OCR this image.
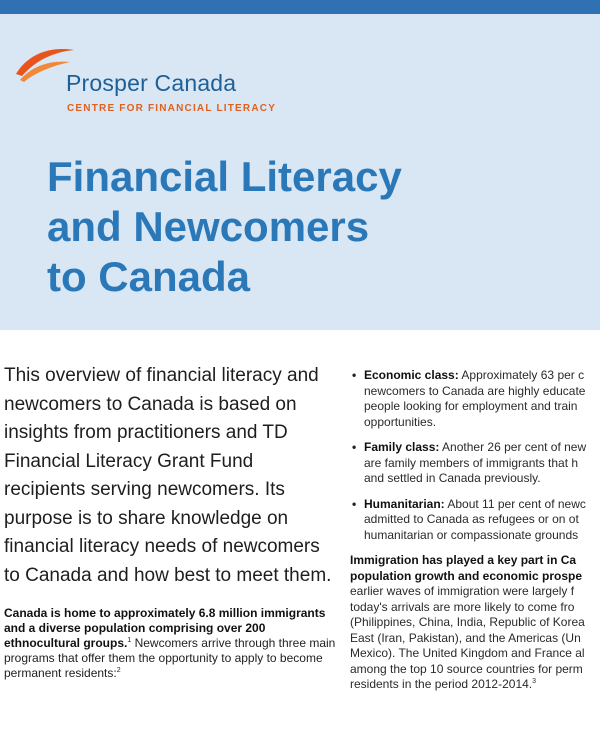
Prosper Canada
CENTRE FOR FINANCIAL LITERACY
Financial Literacy
and Newcomers
to Canada

This overview of financial literacy and newcomers to Canada is based on insights from practitioners and TD Financial Literacy Grant Fund recipients serving newcomers. Its purpose is to share knowledge on financial literacy needs of newcomers to Canada and how best to meet them.

Canada is home to approximately 6.8 million immigrants and a diverse population comprising over 200 ethnocultural groups.$^1$ Newcomers arrive through three main programs that offer them the opportunity to apply to become permanent residents:$^2$

• Economic class: Approximately 63 per c
newcomers to Canada are highly educate
people looking for employment and train
opportunities.
• Family class: Another 26 per cent of new
are family members of immigrants that h
and settled in Canada previously.
• Humanitarian: About 11 per cent of newc
admitted to Canada as refugees or on ot
humanitarian or compassionate grounds
Immigration has played a key part in Ca
population growth and economic prospe
earlier waves of immigration were largely f
today's arrivals are more likely to come fro
(Philippines, China, India, Republic of Korea
East (Iran, Pakistan), and the Americas (Un
Mexico). The United Kingdom and France al
among the top 10 source countries for perm
residents in the period 2012-2014.$^3$
